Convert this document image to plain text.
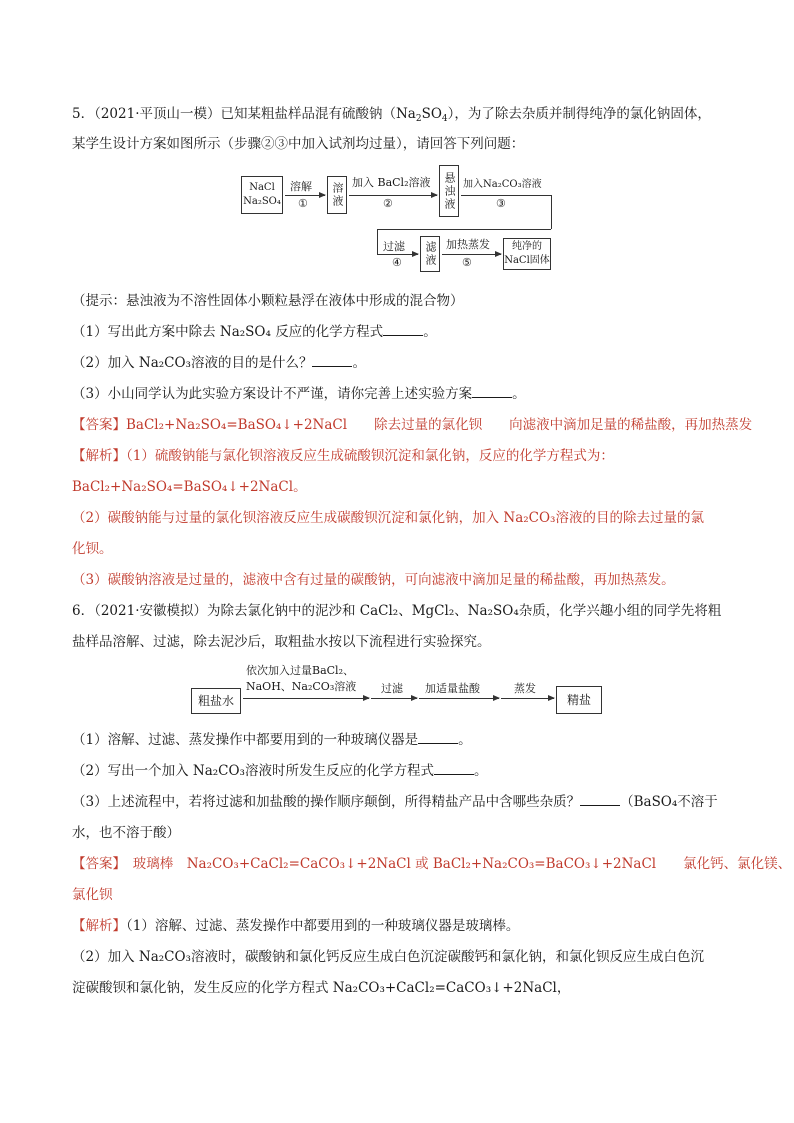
5．（2021·平顶山一模）已知某粗盐样品混有硫酸钠$(Na_2SO_4)$，为了除去杂质并制得纯净的氯化钠固体，
某学生设计方案如图所示（步骤②③中加入试剂均过量），请回答下列问题：
NaCl
Na₂SO₄
溶解
①	溶液 加入 BaCl₂溶液
②	悬浊液 加入Na₂CO₃溶液
③
过滤
④	滤液 加热蒸发
⑤
纯净的
NaCl固体
（提示：悬浊液为不溶性固体小颗粒悬浮在液体中形成的混合物）
（1）写出此方案中除去 Na₂SO₄ 反应的化学方程式	。
（2）加入 Na₂CO₃溶液的目的是什么？	。
（3）小山同学认为此实验方案设计不严谨，请你完善上述实验方案	。
【答案】BaCl₂+Na₂SO₄=BaSO₄↓+2NaCl　　除去过量的氯化钡　　向滤液中滴加足量的稀盐酸，再加热蒸发
【解析】（1）硫酸钠能与氯化钡溶液反应生成硫酸钡沉淀和氯化钠，反应的化学方程式为：
BaCl₂+Na₂SO₄=BaSO₄↓+2NaCl。
（2）碳酸钠能与过量的氯化钡溶液反应生成碳酸钡沉淀和氯化钠，加入 Na₂CO₃溶液的目的除去过量的氯
化钡。
（3）碳酸钠溶液是过量的，滤液中含有过量的碳酸钠，可向滤液中滴加足量的稀盐酸，再加热蒸发。
6．（2021·安徽模拟）为除去氯化钠中的泥沙和 CaCl₂、MgCl₂、Na₂SO₄杂质，化学兴趣小组的同学先将粗
盐样品溶解、过滤，除去泥沙后，取粗盐水按以下流程进行实验探究。
粗盐水
依次加入过量BaCl₂、
NaOH、Na₂CO₃溶液 过滤 加适量盐酸	蒸发
精盐
（1）溶解、过滤、蒸发操作中都要用到的一种玻璃仪器是	。
（2）写出一个加入 Na₂CO₃溶液时所发生反应的化学方程式	。
（3）上述流程中，若将过滤和加盐酸的操作顺序颠倒，所得精盐产品中含哪些杂质？	（BaSO₄不溶于
水，也不溶于酸）
【答案】　玻璃棒　Na₂CO₃+CaCl₂=CaCO₃↓+2NaCl 或 BaCl₂+Na₂CO₃=BaCO₃↓+2NaCl　　氯化钙、氯化镁、
氯化钡
【解析】（1）溶解、过滤、蒸发操作中都要用到的一种玻璃仪器是玻璃棒。
（2）加入 Na₂CO₃溶液时，碳酸钠和氯化钙反应生成白色沉淀碳酸钙和氯化钠，和氯化钡反应生成白色沉
淀碳酸钡和氯化钠，发生反应的化学方程式 Na₂CO₃+CaCl₂=CaCO₃↓+2NaCl，
